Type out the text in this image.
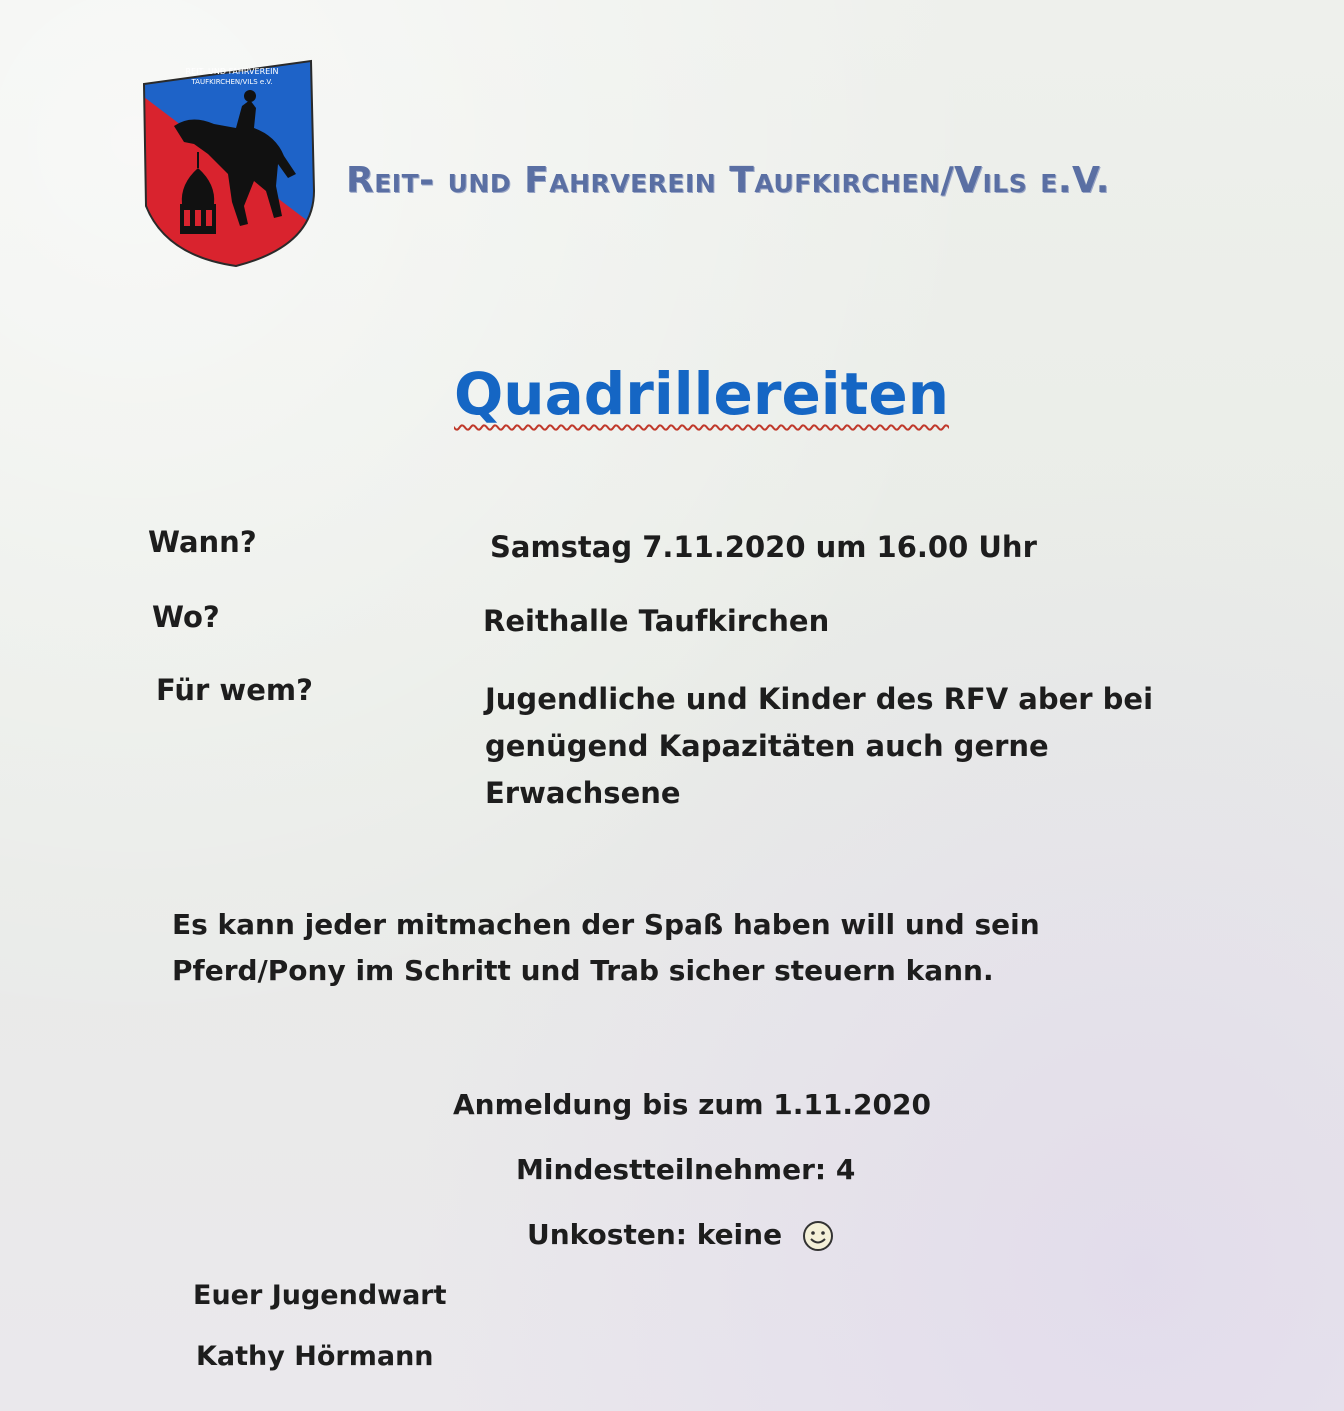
REIT- UND FAHRVEREIN
TAUFKIRCHEN/VILS e.V.
Reit- und Fahrverein Taufkirchen/Vils e.V.
Quadrillereiten
Wann?	Samstag 7.11.2020 um 16.00 Uhr
Wo?	Reithalle Taufkirchen
Für wem?	Jugendliche und Kinder des RFV aber bei
genügend Kapazitäten auch gerne
Erwachsene
Es kann jeder mitmachen der Spaß haben will und sein
Pferd/Pony im Schritt und Trab sicher steuern kann.
Anmeldung bis zum 1.11.2020
Mindestteilnehmer: 4
Unkosten: keine
Euer Jugendwart
Kathy Hörmann
